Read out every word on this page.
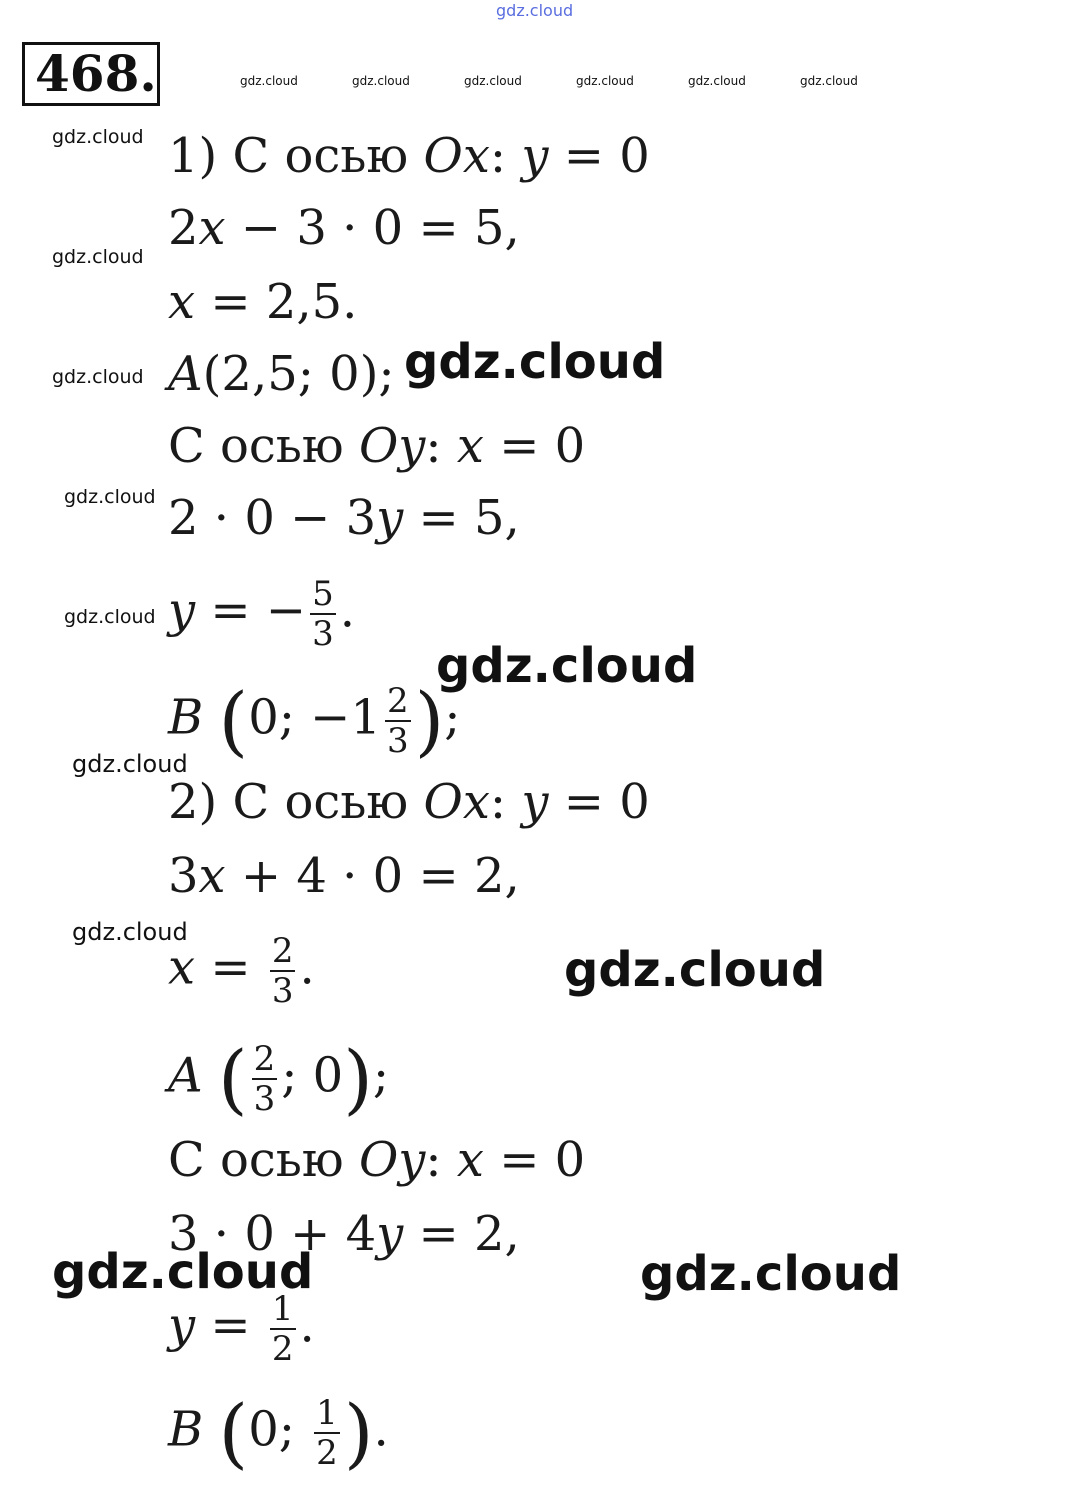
468.
gdz.cloud
gdz.cloud	gdz.cloud	gdz.cloud	gdz.cloud	gdz.cloud	gdz.cloud
gdz.cloud
gdz.cloud
gdz.cloud
gdz.cloud
gdz.cloud
gdz.cloud
gdz.cloud
gdz.cloud
gdz.cloud
gdz.cloud
gdz.cloud	gdz.cloud
1) С осью Ox: y = 0
2x − 3 · 0 = 5,
x = 2,5.
A(2,5; 0);
С осью Oy: x = 0
2 · 0 − 3y = 5,
y = − $\frac{5}{3}$ .
B (0; $-1 \frac{2}{3}$ );
2) С осью Ox: y = 0
3x + 4 · 0 = 2,
$x = \frac{2}{3}$ .
A ( $\frac{2}{3}$ ; 0);
С осью Oy: x = 0
3 · 0 + 4y = 2,
$y = \frac{1}{2}$ .
B (0; $\frac{1}{2}$ ).
